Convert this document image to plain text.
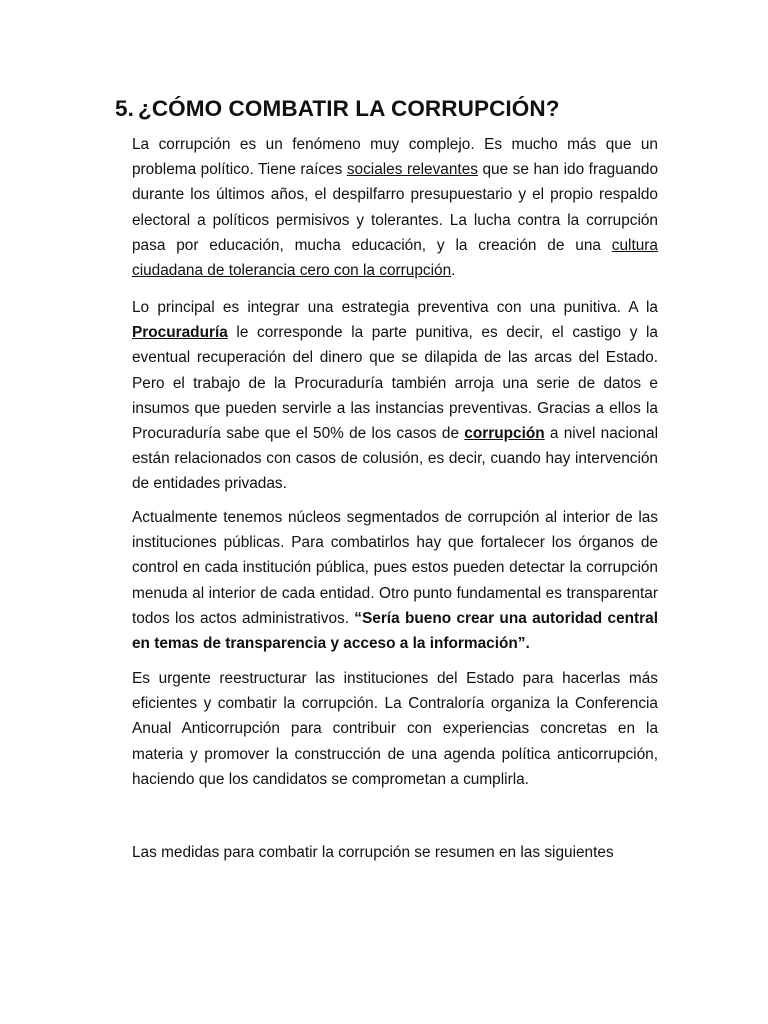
5. ¿CÓMO COMBATIR LA CORRUPCIÓN?

La corrupción es un fenómeno muy complejo. Es mucho más que un problema político. Tiene raíces sociales relevantes que se han ido fraguando durante los últimos años, el despilfarro presupuestario y el propio respaldo electoral a políticos permisivos y tolerantes. La lucha contra la corrupción pasa por educación, mucha educación, y la creación de una cultura ciudadana de tolerancia cero con la corrupción.

Lo principal es integrar una estrategia preventiva con una punitiva. A la Procuraduría le corresponde la parte punitiva, es decir, el castigo y la eventual recuperación del dinero que se dilapida de las arcas del Estado. Pero el trabajo de la Procuraduría también arroja una serie de datos e insumos que pueden servirle a las instancias preventivas. Gracias a ellos la Procuraduría sabe que el 50% de los casos de corrupción a nivel nacional están relacionados con casos de colusión, es decir, cuando hay intervención de entidades privadas.

Actualmente tenemos núcleos segmentados de corrupción al interior de las instituciones públicas. Para combatirlos hay que fortalecer los órganos de control en cada institución pública, pues estos pueden detectar la corrupción menuda al interior de cada entidad. Otro punto fundamental es transparentar todos los actos administrativos. “Sería bueno crear una autoridad central en temas de transparencia y acceso a la información”.

Es urgente reestructurar las instituciones del Estado para hacerlas más eficientes y combatir la corrupción. La Contraloría organiza la Conferencia Anual Anticorrupción para contribuir con experiencias concretas en la materia y promover la construcción de una agenda política anticorrupción, haciendo que los candidatos se comprometan a cumplirla.

Las medidas para combatir la corrupción se resumen en las siguientes
